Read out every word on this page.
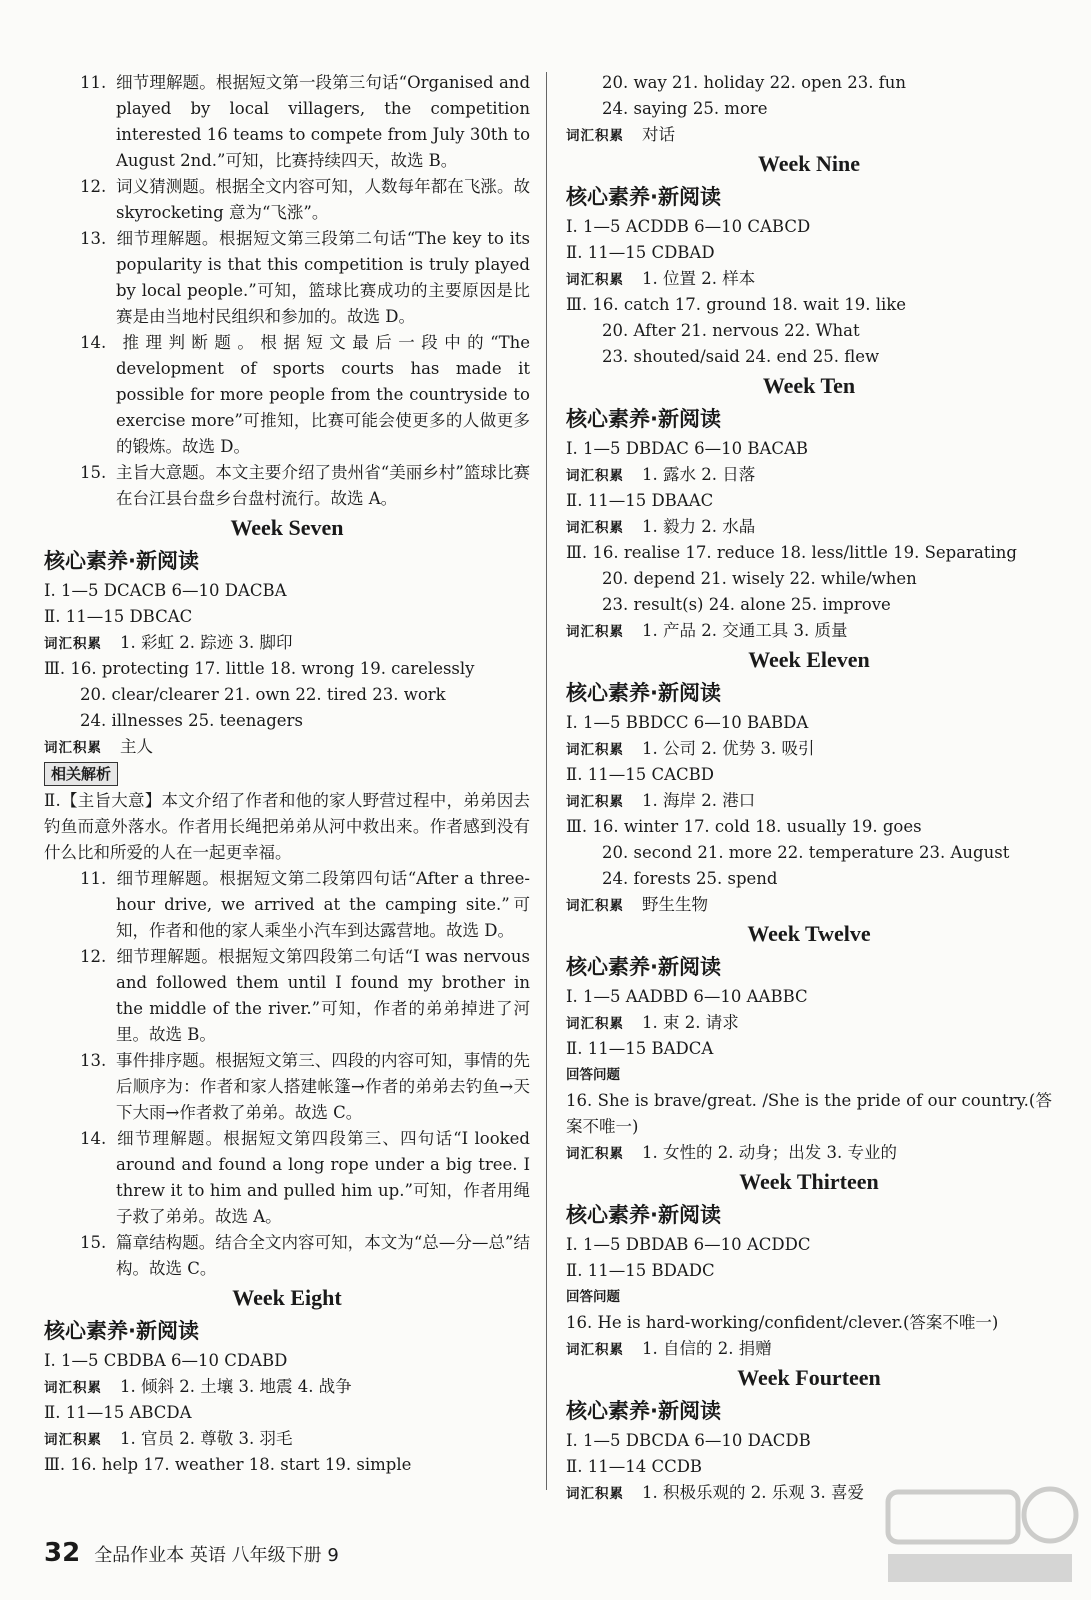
11. 细节理解题。根据短文第一段第三句话“Organised and played by local villagers, the competition interested 16 teams to compete from July 30th to August 2nd.”可知，比赛持续四天，故选 B。
12. 词义猜测题。根据全文内容可知，人数每年都在飞涨。故 skyrocketing 意为“飞涨”。
13. 细节理解题。根据短文第三段第二句话“The key to its popularity is that this competition is truly played by local people.”可知，篮球比赛成功的主要原因是比赛是由当地村民组织和参加的。故选 D。
14. 推理判断题。根据短文最后一段中的“The development of sports courts has made it possible for more people from the countryside to exercise more”可推知，比赛可能会使更多的人做更多的锻炼。故选 D。
15. 主旨大意题。本文主要介绍了贵州省“美丽乡村”篮球比赛在台江县台盘乡台盘村流行。故选 A。
Week Seven
核心素养·新阅读
Ⅰ. 1—5 DCACB 6—10 DACBA
Ⅱ. 11—15 DBCAC
词汇积累 1. 彩虹 2. 踪迹 3. 脚印
Ⅲ. 16. protecting 17. little 18. wrong 19. carelessly
20. clear/clearer 21. own 22. tired 23. work
24. illnesses 25. teenagers
词汇积累 主人
相关解析
Ⅱ.【主旨大意】本文介绍了作者和他的家人野营过程中，弟弟因去钓鱼而意外落水。作者用长绳把弟弟从河中救出来。作者感到没有什么比和所爱的人在一起更幸福。
11. 细节理解题。根据短文第二段第四句话“After a three-hour drive, we arrived at the camping site.”可知，作者和他的家人乘坐小汽车到达露营地。故选 D。
12. 细节理解题。根据短文第四段第二句话“I was nervous and followed them until I found my brother in the middle of the river.”可知，作者的弟弟掉进了河里。故选 B。
13. 事件排序题。根据短文第三、四段的内容可知，事情的先后顺序为：作者和家人搭建帐篷→作者的弟弟去钓鱼→天下大雨→作者救了弟弟。故选 C。
14. 细节理解题。根据短文第四段第三、四句话“I looked around and found a long rope under a big tree. I threw it to him and pulled him up.”可知，作者用绳子救了弟弟。故选 A。
15. 篇章结构题。结合全文内容可知，本文为“总—分—总”结构。故选 C。
Week Eight
核心素养·新阅读
Ⅰ. 1—5 CBDBA 6—10 CDABD
词汇积累 1. 倾斜 2. 土壤 3. 地震 4. 战争
Ⅱ. 11—15 ABCDA
词汇积累 1. 官员 2. 尊敬 3. 羽毛
Ⅲ. 16. help 17. weather 18. start 19. simple
20. way 21. holiday 22. open 23. fun
24. saying 25. more
词汇积累 对话
Week Nine
核心素养·新阅读
Ⅰ. 1—5 ACDDB 6—10 CABCD
Ⅱ. 11—15 CDBAD
词汇积累 1. 位置 2. 样本
Ⅲ. 16. catch 17. ground 18. wait 19. like
20. After 21. nervous 22. What
23. shouted/said 24. end 25. flew
Week Ten
核心素养·新阅读
Ⅰ. 1—5 DBDAC 6—10 BACAB
词汇积累 1. 露水 2. 日落
Ⅱ. 11—15 DBAAC
词汇积累 1. 毅力 2. 水晶
Ⅲ. 16. realise 17. reduce 18. less/little 19. Separating
20. depend 21. wisely 22. while/when
23. result(s) 24. alone 25. improve
词汇积累 1. 产品 2. 交通工具 3. 质量
Week Eleven
核心素养·新阅读
Ⅰ. 1—5 BBDCC 6—10 BABDA
词汇积累 1. 公司 2. 优势 3. 吸引
Ⅱ. 11—15 CACBD
词汇积累 1. 海岸 2. 港口
Ⅲ. 16. winter 17. cold 18. usually 19. goes
20. second 21. more 22. temperature 23. August
24. forests 25. spend
词汇积累 野生生物
Week Twelve
核心素养·新阅读
Ⅰ. 1—5 AADBD 6—10 AABBC
词汇积累 1. 束 2. 请求
Ⅱ. 11—15 BADCA
回答问题
16. She is brave/great. /She is the pride of our country.(答案不唯一)
词汇积累 1. 女性的 2. 动身；出发 3. 专业的
Week Thirteen
核心素养·新阅读
Ⅰ. 1—5 DBDAB 6—10 ACDDC
Ⅱ. 11—15 BDADC
回答问题
16. He is hard-working/confident/clever.(答案不唯一)
词汇积累 1. 自信的 2. 捐赠
Week Fourteen
核心素养·新阅读
Ⅰ. 1—5 DBCDA 6—10 DACDB
Ⅱ. 11—14 CCDB
词汇积累 1. 积极乐观的 2. 乐观 3. 喜爱
32 全品作业本 英语 八年级下册 9
